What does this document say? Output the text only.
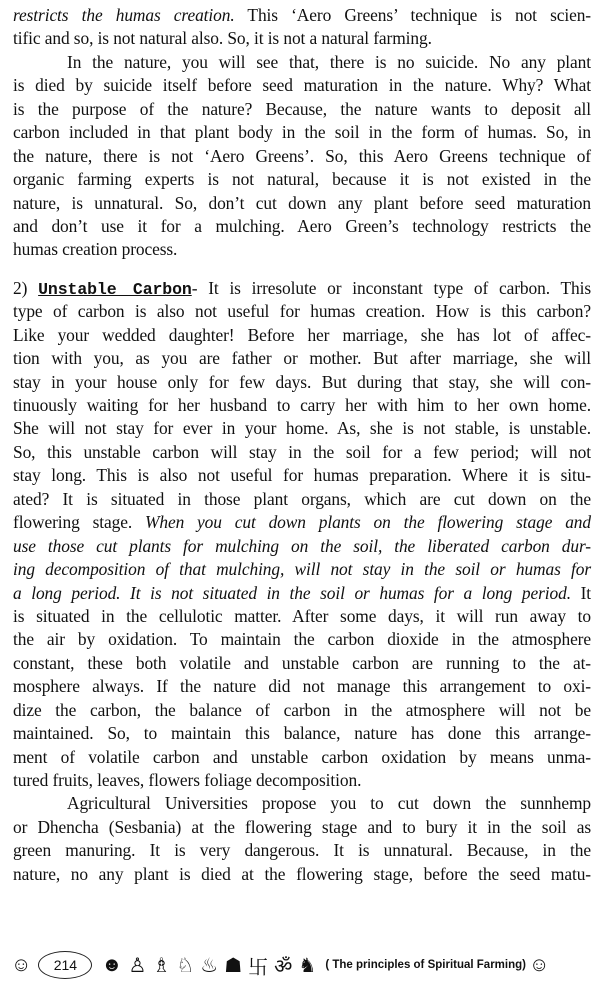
restricts the humas creation. This ‘Aero Greens’ technique is not scien-
tific and so, is not natural also. So, it is not a natural farming.
In the nature, you will see that, there is no suicide. No any plant
is died by suicide itself before seed maturation in the nature. Why? What
is the purpose of the nature? Because, the nature wants to deposit all
carbon included in that plant body in the soil in the form of humas. So, in
the nature, there is not ‘Aero Greens’. So, this Aero Greens technique of
organic farming experts is not natural, because it is not existed in the
nature, is unnatural. So, don’t cut down any plant before seed maturation
and don’t use it for a mulching. Aero Green’s technology restricts the
humas creation process.
2) Unstable Carbon- It is irresolute or inconstant type of carbon. This
type of carbon is also not useful for humas creation. How is this carbon?
Like your wedded daughter! Before her marriage, she has lot of affec-
tion with you, as you are father or mother. But after marriage, she will
stay in your house only for few days. But during that stay, she will con-
tinuously waiting for her husband to carry her with him to her own home.
She will not stay for ever in your home. As, she is not stable, is unstable.
So, this unstable carbon will stay in the soil for a few period; will not
stay long. This is also not useful for humas preparation. Where it is situ-
ated? It is situated in those plant organs, which are cut down on the
flowering stage. When you cut down plants on the flowering stage and
use those cut plants for mulching on the soil, the liberated carbon dur-
ing decomposition of that mulching, will not stay in the soil or humas for
a long period. It is not situated in the soil or humas for a long period. It
is situated in the cellulotic matter. After some days, it will run away to
the air by oxidation. To maintain the carbon dioxide in the atmosphere
constant, these both volatile and unstable carbon are running to the at-
mosphere always. If the nature did not manage this arrangement to oxi-
dize the carbon, the balance of carbon in the atmosphere will not be
maintained. So, to maintain this balance, nature has done this arrange-
ment of volatile carbon and unstable carbon oxidation by means unma-
tured fruits, leaves, flowers foliage decomposition.
Agricultural Universities propose you to cut down the sunnhemp
or Dhencha (Sesbania) at the flowering stage and to bury it in the soil as
green manuring. It is very dangerous. It is unnatural. Because, in the
nature, no any plant is died at the flowering stage, before the seed matu-
☺	214	☻ ♙ ♗ ♘ ♨ ☗ 卐 ॐ ♞ ( The principles of Spiritual Farming) ☺
